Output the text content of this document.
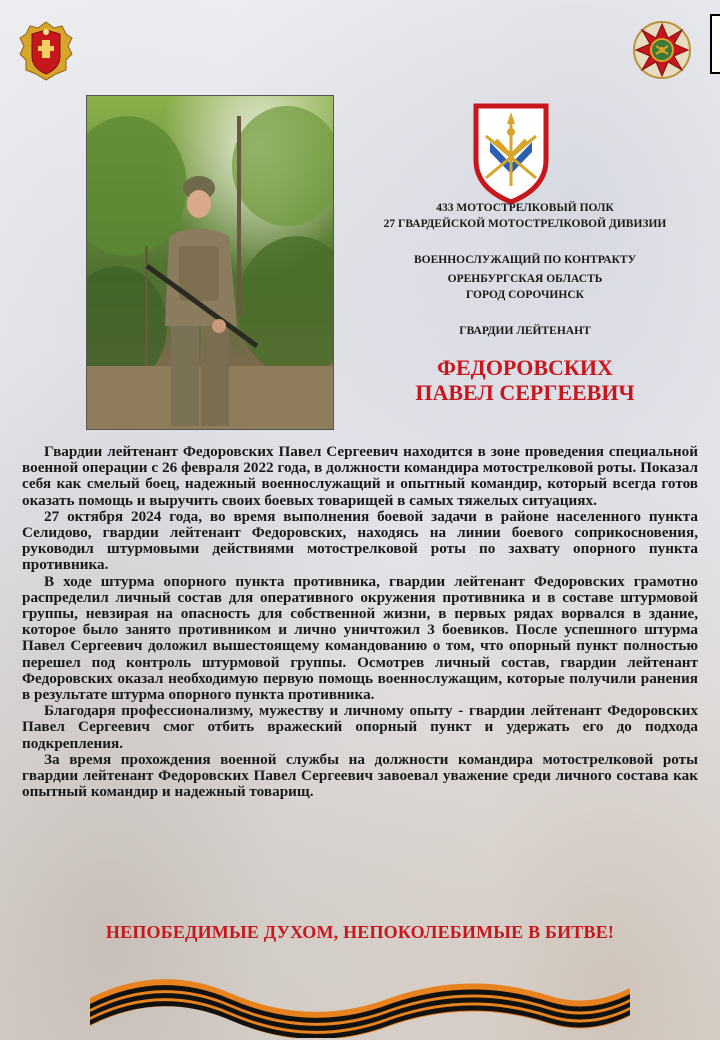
433 МОТОСТРЕЛКОВЫЙ ПОЛК
27 ГВАРДЕЙСКОЙ МОТОСТРЕЛКОВОЙ ДИВИЗИИ
ВОЕННОСЛУЖАЩИЙ ПО КОНТРАКТУ
ОРЕНБУРГСКАЯ ОБЛАСТЬ
ГОРОД СОРОЧИНСК
ГВАРДИИ ЛЕЙТЕНАНТ
ФЕДОРОВСКИХ
ПАВЕЛ СЕРГЕЕВИЧ

Гвардии лейтенант Федоровских Павел Сергеевич находится в зоне проведения специальной военной операции с 26 февраля 2022 года, в должности командира мотострелковой роты. Показал себя как смелый боец, надежный военнослужащий и опытный командир, который всегда готов оказать помощь и выручить своих боевых товарищей в самых тяжелых ситуациях.

27 октября 2024 года, во время выполнения боевой задачи в районе населенного пункта Селидово, гвардии лейтенант Федоровских, находясь на линии боевого соприкосновения, руководил штурмовыми действиями мотострелковой роты по захвату опорного пункта противника.

В ходе штурма опорного пункта противника, гвардии лейтенант Федоровских грамотно распределил личный состав для оперативного окружения противника и в составе штурмовой группы, невзирая на опасность для собственной жизни, в первых рядах ворвался в здание, которое было занято противником и лично уничтожил 3 боевиков. После успешного штурма Павел Сергеевич доложил вышестоящему командованию о том, что опорный пункт полностью перешел под контроль штурмовой группы. Осмотрев личный состав, гвардии лейтенант Федоровских оказал необходимую первую помощь военнослужащим, которые получили ранения в результате штурма опорного пункта противника.

Благодаря профессионализму, мужеству и личному опыту - гвардии лейтенант Федоровских Павел Сергеевич смог отбить вражеский опорный пункт и удержать его до подхода подкрепления.

За время прохождения военной службы на должности командира мотострелковой роты гвардии лейтенант Федоровских Павел Сергеевич завоевал уважение среди личного состава как опытный командир и надежный товарищ.

НЕПОБЕДИМЫЕ ДУХОМ, НЕПОКОЛЕБИМЫЕ В БИТВЕ!
